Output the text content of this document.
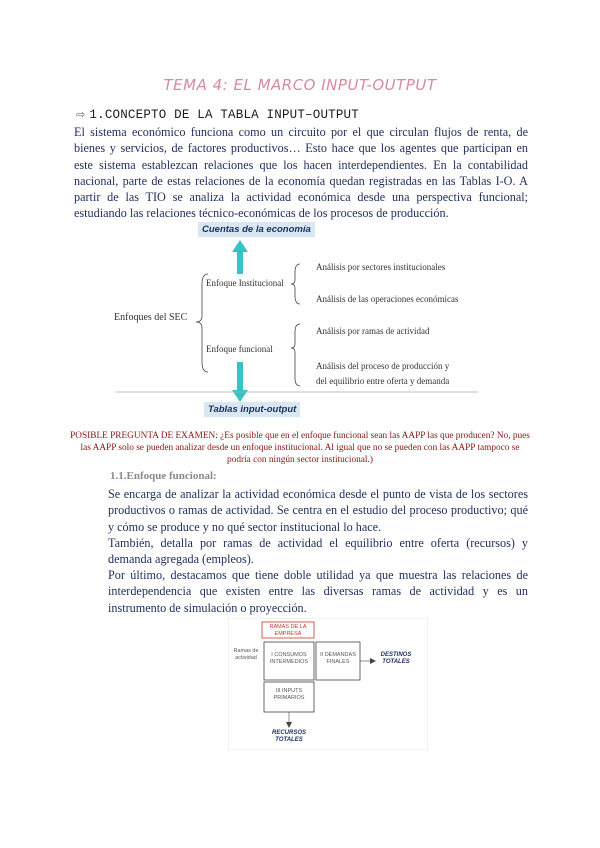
TEMA 4: EL MARCO INPUT-OUTPUT
⇨ 1.CONCEPTO DE LA TABLA INPUT–OUTPUT
El sistema económico funciona como un circuito por el que circulan flujos de renta, de bienes y servicios, de factores productivos… Esto hace que los agentes que participan en este sistema establezcan relaciones que los hacen interdependientes. En la contabilidad nacional, parte de estas relaciones de la economía quedan registradas en las Tablas I-O. A partir de las TIO se analiza la actividad económica desde una perspectiva funcional; estudiando las relaciones técnico-económicas de los procesos de producción.
Cuentas de la economía
Tablas input-output
Enfoques del SEC
Enfoque Institucional
Enfoque funcional
Análisis por sectores institucionales
Análisis de las operaciones económicas
Análisis por ramas de actividad
Análisis del proceso de producción y
del equilibrio entre oferta y demanda
POSIBLE PREGUNTA DE EXAMEN: ¿Es posible que en el enfoque funcional sean las AAPP las que producen? No, pues las AAPP solo se pueden analizar desde un enfoque institucional. Al igual que no se pueden con las AAPP tampoco se podría con ningún sector institucional.)
1.1.Enfoque funcional:
Se encarga de analizar la actividad económica desde el punto de vista de los sectores productivos o ramas de actividad. Se centra en el estudio del proceso productivo; qué y cómo se produce y no qué sector institucional lo hace.
También, detalla por ramas de actividad el equilibrio entre oferta (recursos) y demanda agregada (empleos).
Por último, destacamos que tiene doble utilidad ya que muestra las relaciones de interdependencia que existen entre las diversas ramas de actividad y es un instrumento de simulación o proyección.
RAMAS DE LA EMPRESA
Ramas de actividad	I CONSUMOS INTERMEDIOS
II DEMANDAS FINALES
III INPUTS PRIMARIOS
DESTINOS TOTALES
RECURSOS TOTALES
